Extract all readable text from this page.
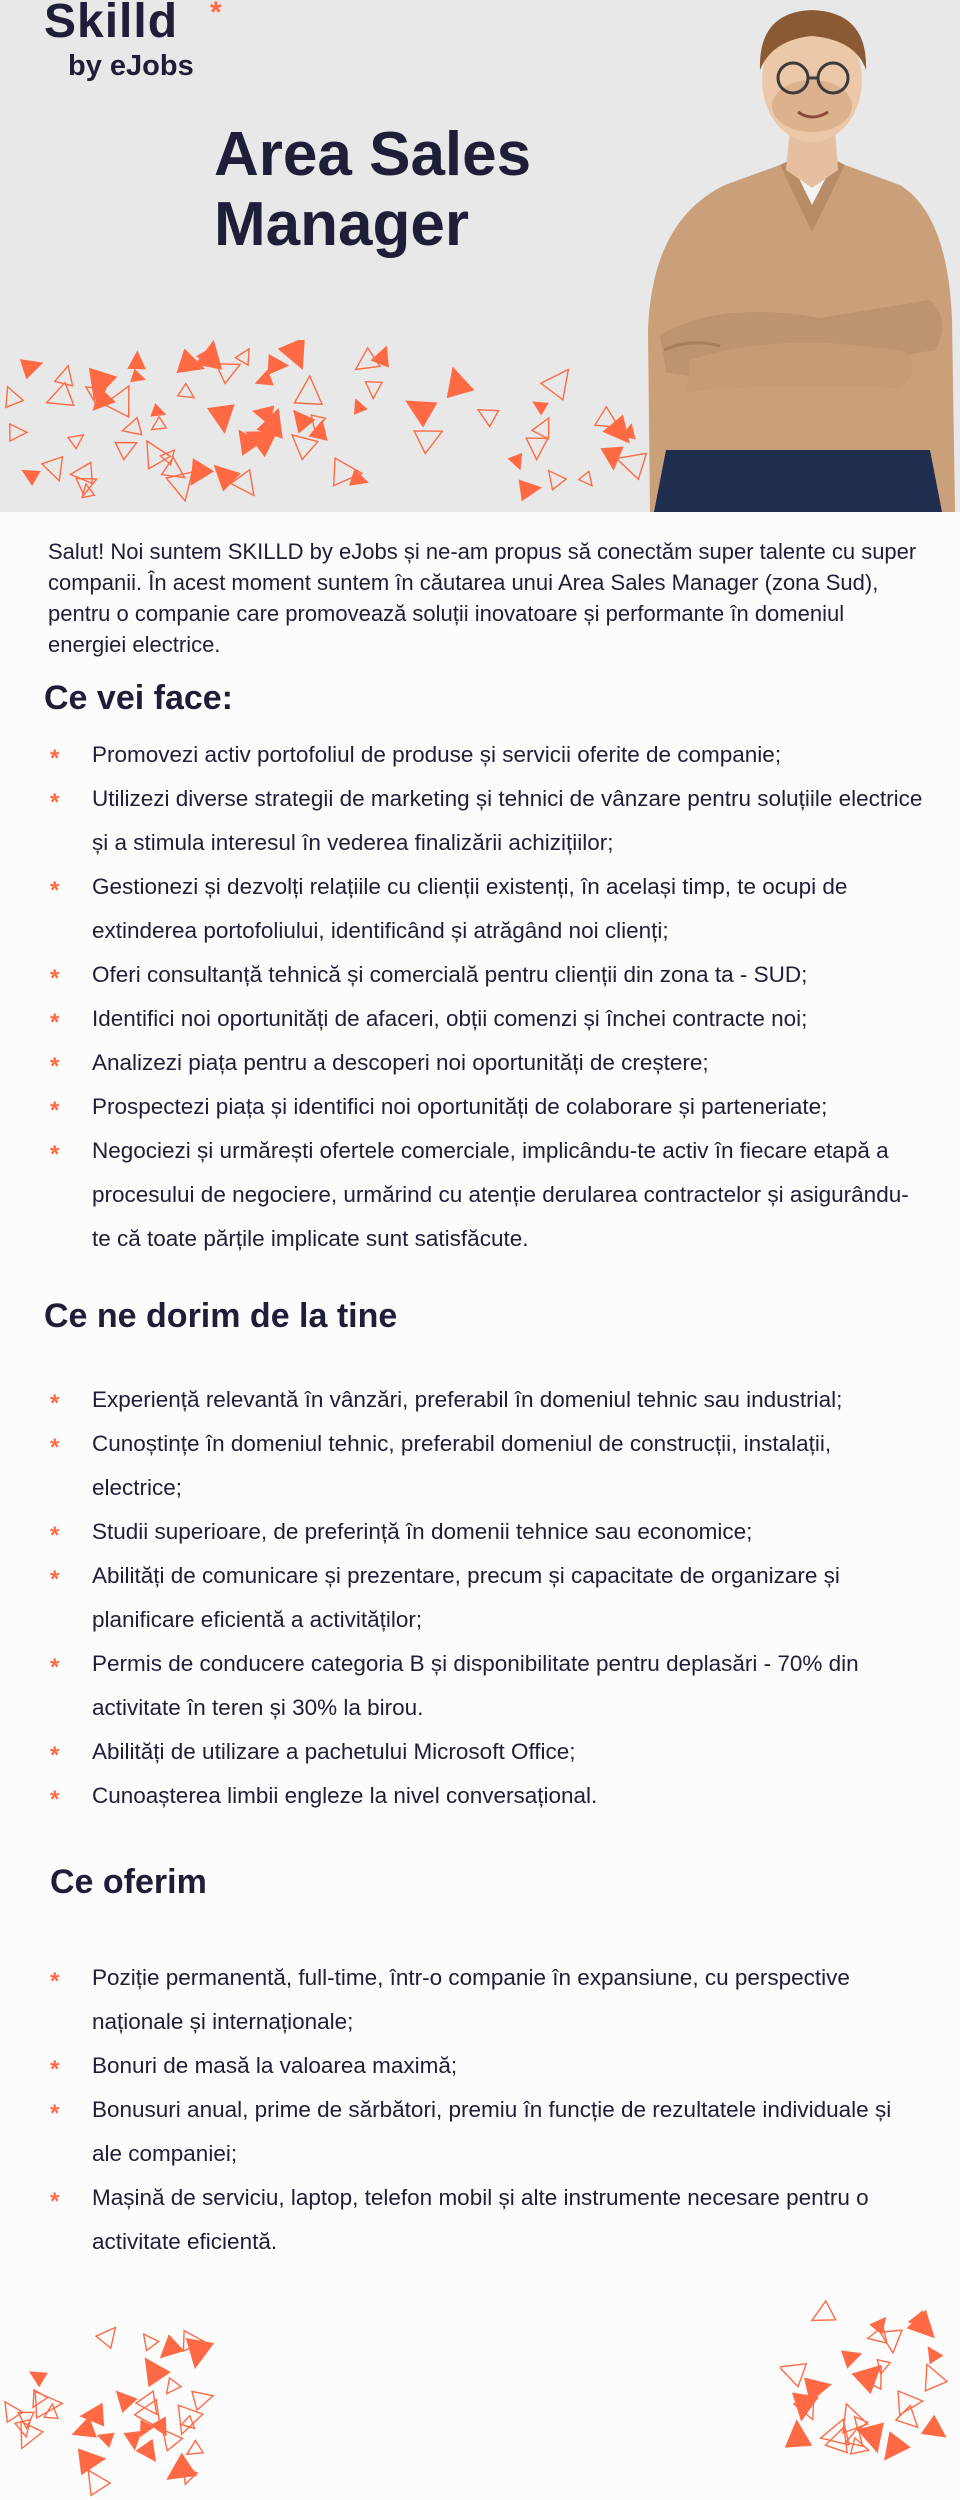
Skilld *
by eJobs
Area Sales Manager

Salut! Noi suntem SKILLD by eJobs și ne-am propus să conectăm super talente cu super companii. În acest moment suntem în căutarea unui Area Sales Manager (zona Sud), pentru o companie care promovează soluții inovatoare și performante în domeniul energiei electrice.

Ce vei face:
* Promovezi activ portofoliul de produse și servicii oferite de companie;
* Utilizezi diverse strategii de marketing și tehnici de vânzare pentru soluțiile electrice și a stimula interesul în vederea finalizării achizițiilor;
* Gestionezi și dezvolți relațiile cu clienții existenți, în același timp, te ocupi de extinderea portofoliului, identificând și atrăgând noi clienți;
* Oferi consultanță tehnică și comercială pentru clienții din zona ta - SUD;
* Identifici noi oportunități de afaceri, obții comenzi și închei contracte noi;
* Analizezi piața pentru a descoperi noi oportunități de creștere;
* Prospectezi piața și identifici noi oportunități de colaborare și parteneriate;
* Negociezi și urmărești ofertele comerciale, implicându-te activ în fiecare etapă a procesului de negociere, urmărind cu atenție derularea contractelor și asigurându-te că toate părțile implicate sunt satisfăcute.
Ce ne dorim de la tine
* Experiență relevantă în vânzări, preferabil în domeniul tehnic sau industrial;
* Cunoștințe în domeniul tehnic, preferabil domeniul de construcții, instalații, electrice;
* Studii superioare, de preferință în domenii tehnice sau economice;
* Abilități de comunicare și prezentare, precum și capacitate de organizare și planificare eficientă a activităților;
* Permis de conducere categoria B și disponibilitate pentru deplasări - 70% din activitate în teren și 30% la birou.
* Abilități de utilizare a pachetului Microsoft Office;
* Cunoașterea limbii engleze la nivel conversațional.
Ce oferim
* Poziție permanentă, full-time, într-o companie în expansiune, cu perspective naționale și internaționale;
* Bonuri de masă la valoarea maximă;
* Bonusuri anual, prime de sărbători, premiu în funcție de rezultatele individuale și ale companiei;
* Mașină de serviciu, laptop, telefon mobil și alte instrumente necesare pentru o activitate eficientă.
